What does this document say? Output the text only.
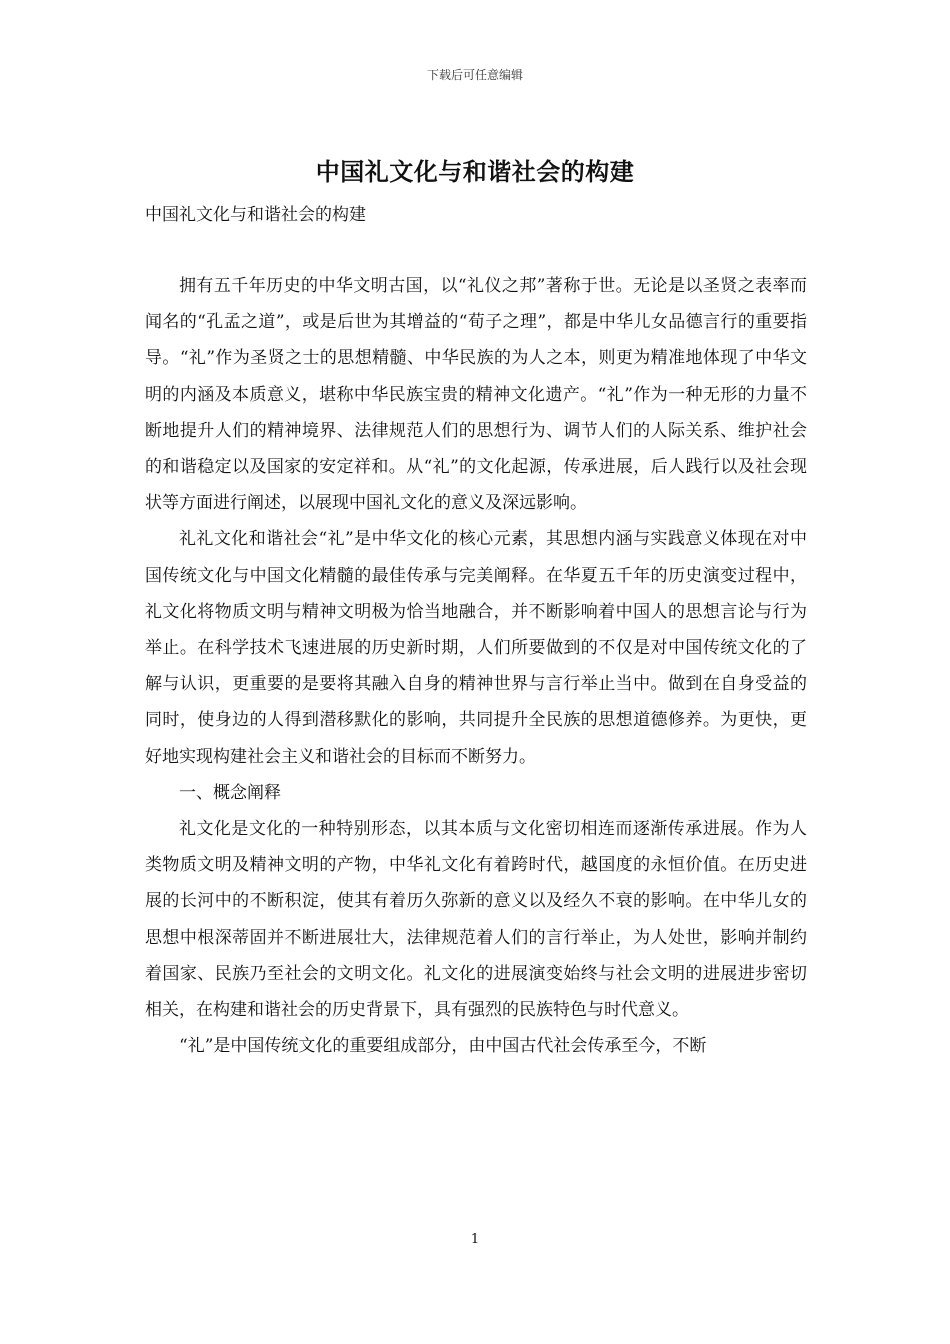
下载后可任意编辑
中国礼文化与和谐社会的构建

中国礼文化与和谐社会的构建

拥有五千年历史的中华文明古国，以“礼仪之邦”著称于世。无论是以圣贤之表率而闻名的“孔孟之道”，或是后世为其增益的“荀子之理”，都是中华儿女品德言行的重要指导。“礼”作为圣贤之士的思想精髓、中华民族的为人之本，则更为精准地体现了中华文明的内涵及本质意义，堪称中华民族宝贵的精神文化遗产。“礼”作为一种无形的力量不断地提升人们的精神境界、法律规范人们的思想行为、调节人们的人际关系、维护社会的和谐稳定以及国家的安定祥和。从“礼”的文化起源，传承进展，后人践行以及社会现状等方面进行阐述，以展现中国礼文化的意义及深远影响。

礼礼文化和谐社会“礼”是中华文化的核心元素，其思想内涵与实践意义体现在对中国传统文化与中国文化精髓的最佳传承与完美阐释。在华夏五千年的历史演变过程中，礼文化将物质文明与精神文明极为恰当地融合，并不断影响着中国人的思想言论与行为举止。在科学技术飞速进展的历史新时期，人们所要做到的不仅是对中国传统文化的了解与认识，更重要的是要将其融入自身的精神世界与言行举止当中。做到在自身受益的同时，使身边的人得到潜移默化的影响，共同提升全民族的思想道德修养。为更快，更好地实现构建社会主义和谐社会的目标而不断努力。

一、概念阐释

礼文化是文化的一种特别形态，以其本质与文化密切相连而逐渐传承进展。作为人类物质文明及精神文明的产物，中华礼文化有着跨时代，越国度的永恒价值。在历史进展的长河中的不断积淀，使其有着历久弥新的意义以及经久不衰的影响。在中华儿女的思想中根深蒂固并不断进展壮大，法律规范着人们的言行举止，为人处世，影响并制约着国家、民族乃至社会的文明文化。礼文化的进展演变始终与社会文明的进展进步密切相关，在构建和谐社会的历史背景下，具有强烈的民族特色与时代意义。

“礼”是中国传统文化的重要组成部分，由中国古代社会传承至今，不断

1
